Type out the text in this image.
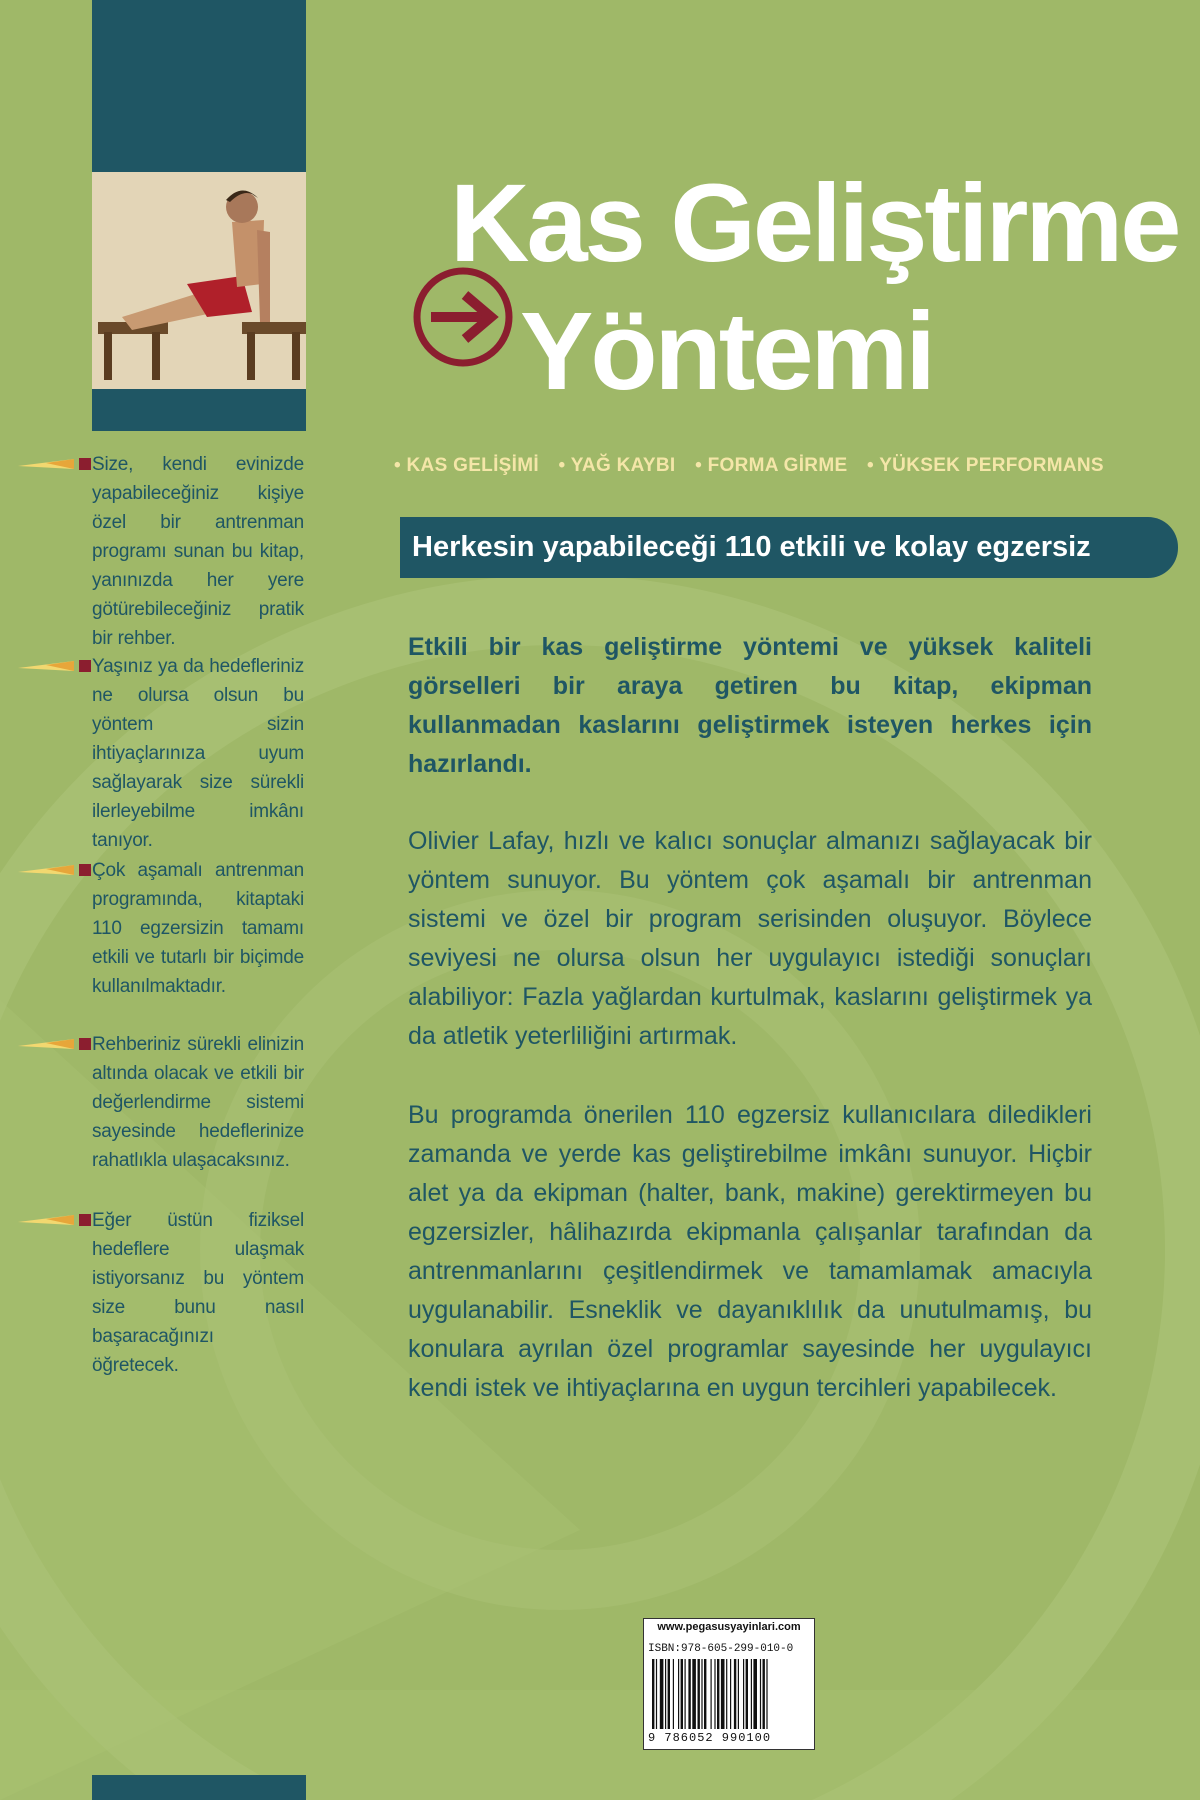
Size, kendi evinizde yapabileceğiniz kişiye özel bir antrenman programı sunan bu kitap, yanınızda her yere götürebileceğiniz pratik bir rehber.
Yaşınız ya da hedefleriniz ne olursa olsun bu yöntem sizin ihtiyaçlarınıza uyum sağlayarak size sürekli ilerleyebilme imkânı tanıyor.
Çok aşamalı antrenman programında, kitaptaki 110 egzersizin tamamı etkili ve tutarlı bir biçimde kullanılmaktadır.
Rehberiniz sürekli elinizin altında olacak ve etkili bir değerlendirme sistemi sayesinde hedeflerinize rahatlıkla ulaşacaksınız.
Eğer üstün fiziksel hedeflere ulaşmak istiyorsanız bu yöntem size bunu nasıl başaracağınızı öğretecek.
Kas Geliştirme
Yöntemi
• KAS GELİŞİMİ • YAĞ KAYBI • FORMA GİRME • YÜKSEK PERFORMANS
Herkesin yapabileceği 110 etkili ve kolay egzersiz

Etkili bir kas geliştirme yöntemi ve yüksek kaliteli görselleri bir araya getiren bu kitap, ekipman kullanmadan kaslarını geliştirmek isteyen herkes için hazırlandı.

Olivier Lafay, hızlı ve kalıcı sonuçlar almanızı sağlayacak bir yöntem sunuyor. Bu yöntem çok aşamalı bir antrenman sistemi ve özel bir program serisinden oluşuyor. Böylece seviyesi ne olursa olsun her uygulayıcı istediği sonuçları alabiliyor: Fazla yağlardan kurtulmak, kaslarını geliştirmek ya da atletik yeterliliğini artırmak.

Bu programda önerilen 110 egzersiz kullanıcılara diledikleri zamanda ve yerde kas geliştirebilme imkânı sunuyor. Hiçbir alet ya da ekipman (halter, bank, makine) gerektirmeyen bu egzersizler, hâlihazırda ekipmanla çalışanlar tarafından da antrenmanlarını çeşitlendirmek ve tamamlamak amacıyla uygulanabilir. Esneklik ve dayanıklılık da unutulmamış, bu konulara ayrılan özel programlar sayesinde her uygulayıcı kendi istek ve ihtiyaçlarına en uygun tercihleri yapabilecek.

www.pegasusyayinlari.com
ISBN:978-605-299-010-0
9 786052 990100
